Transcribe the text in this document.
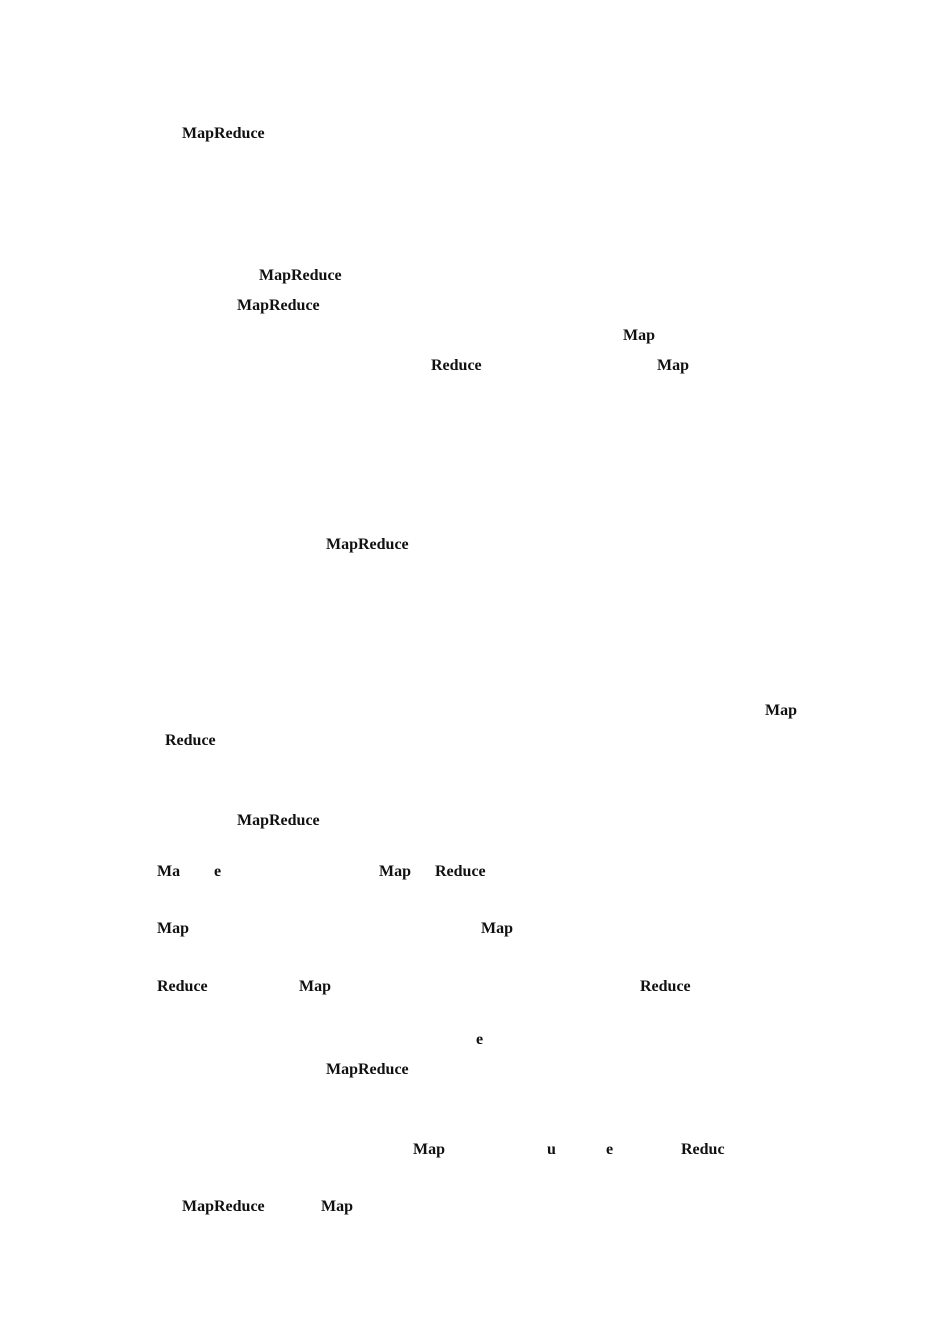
MapReduce
MapReduce
MapReduce
Map
Reduce	Map
MapReduce
Map
Reduce
MapReduce
Ma e	Map Reduce
Map	Map
Reduce	Map	Reduce
e
MapReduce
Map	u	e	Reduc
MapReduce	Map
